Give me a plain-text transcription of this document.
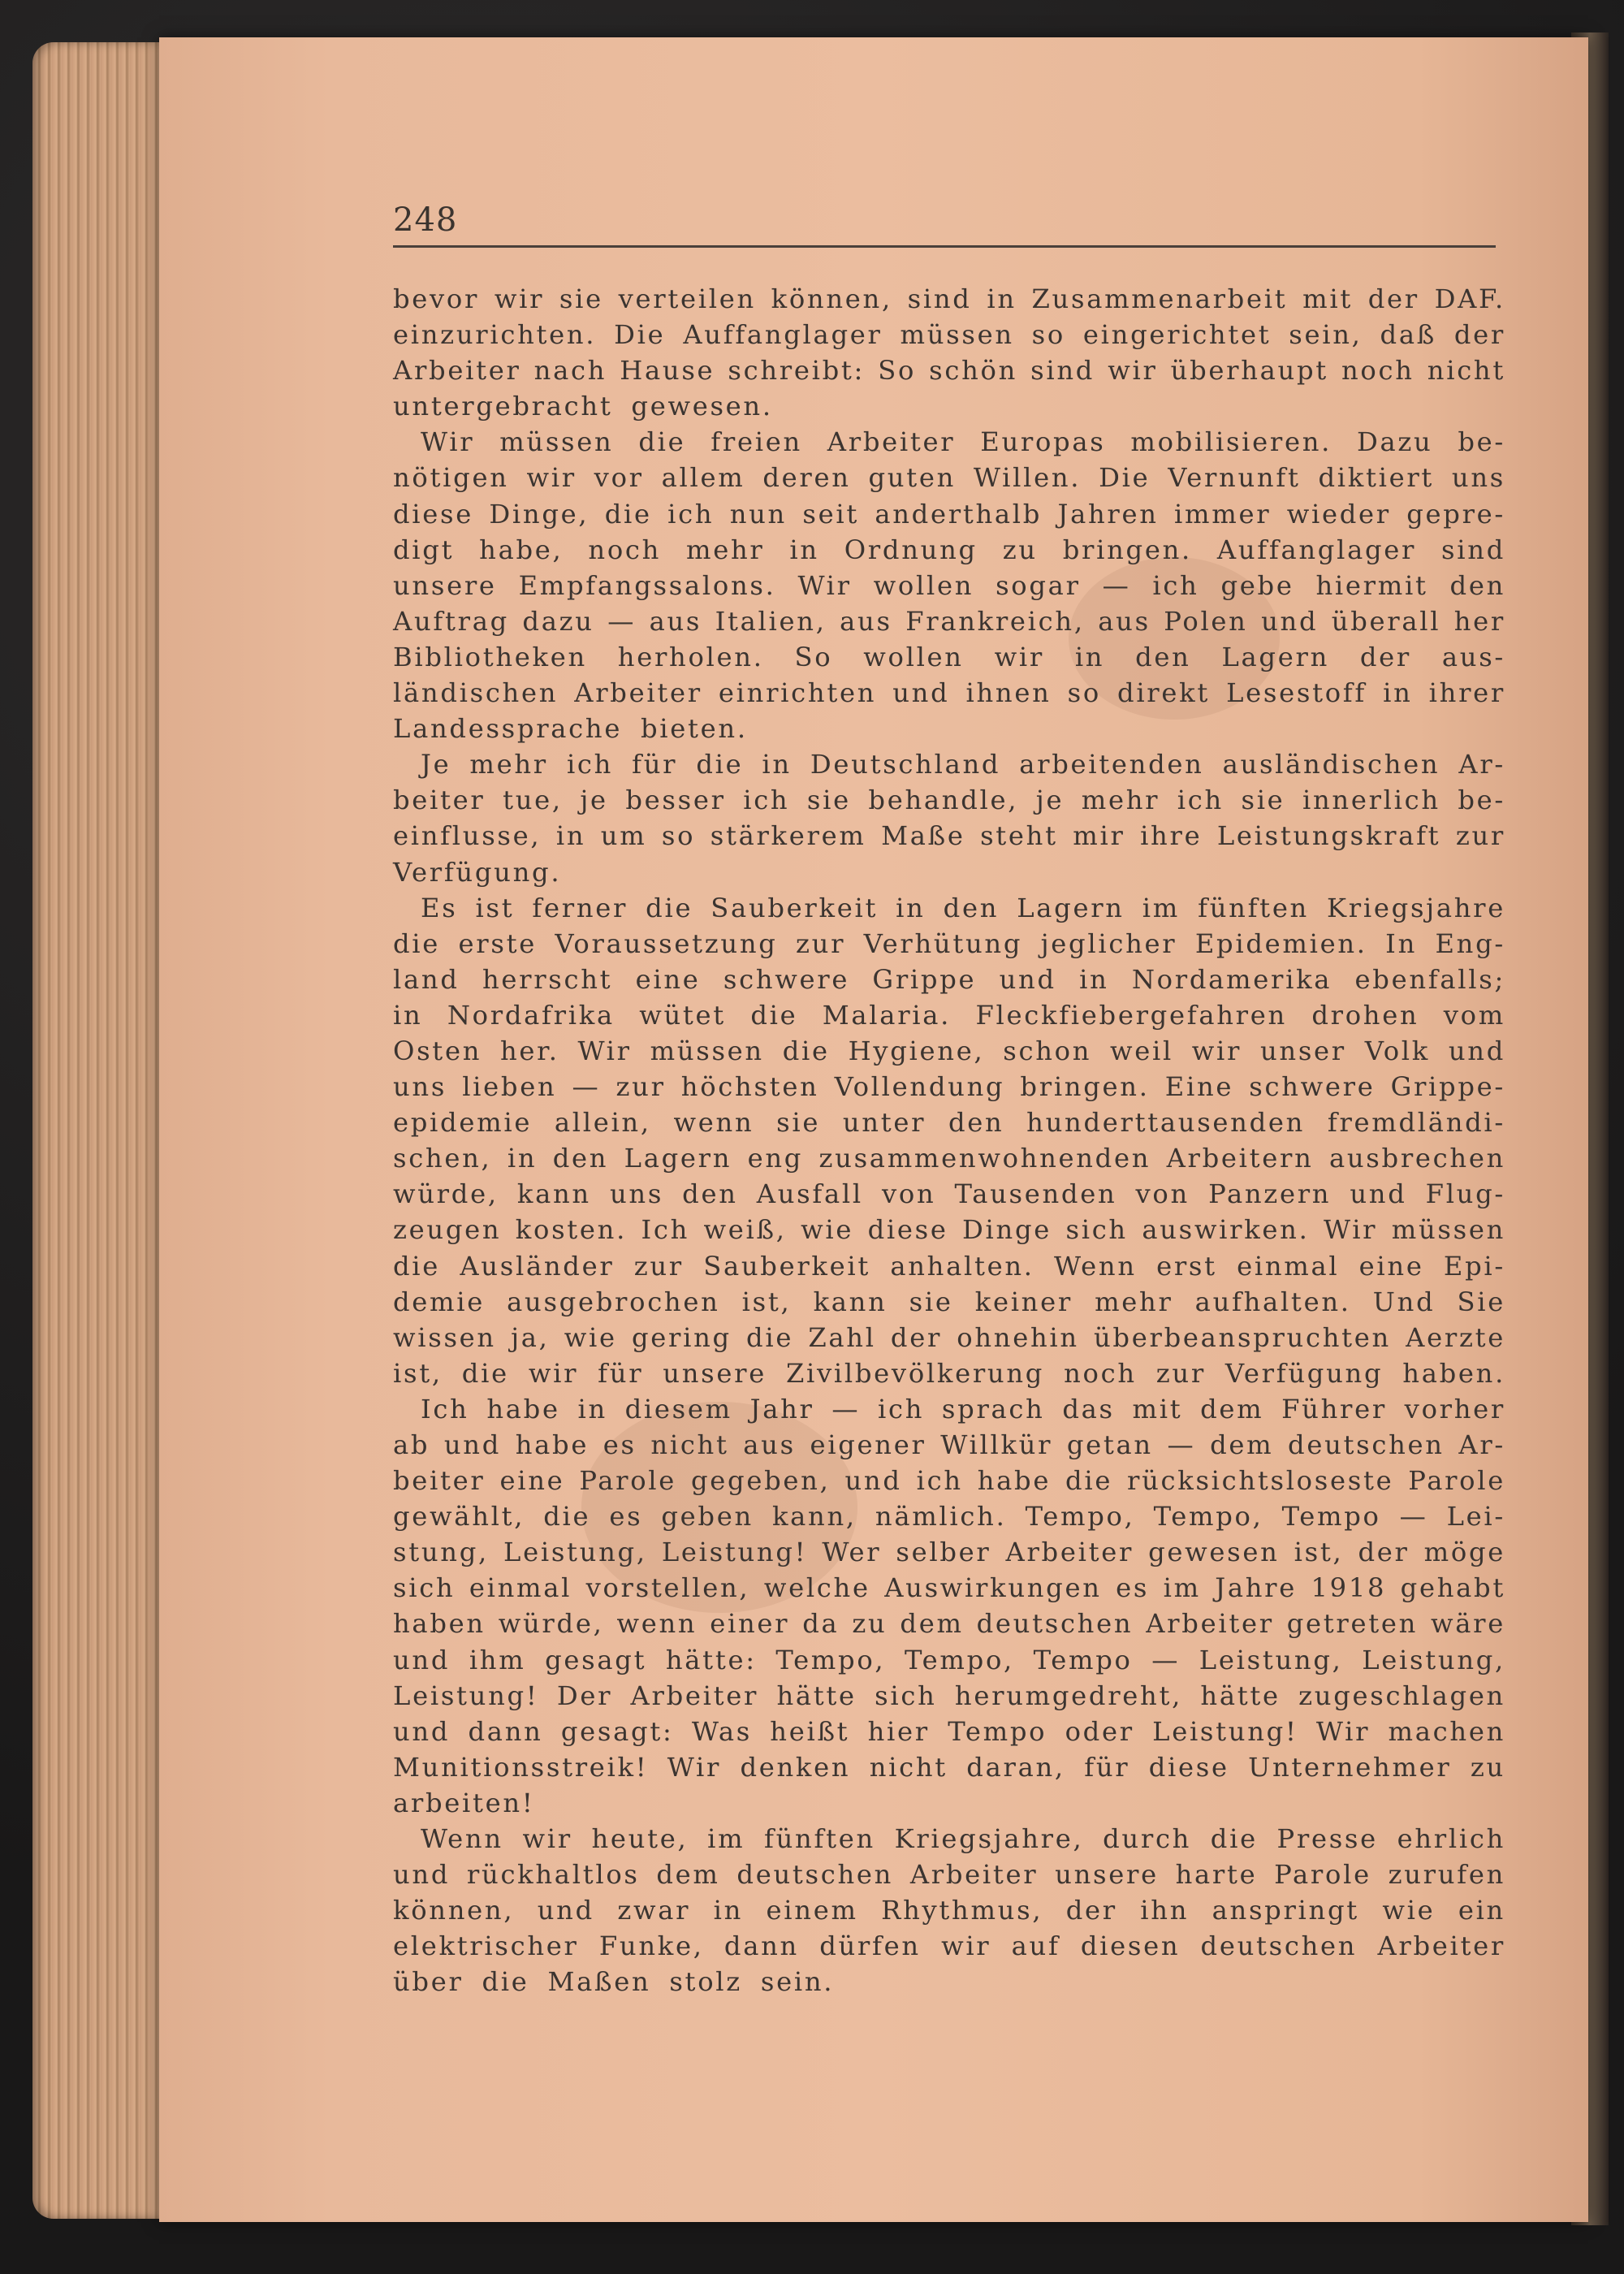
248
bevor wir sie verteilen können, sind in Zusammenarbeit mit der DAF.
einzurichten. Die Auffanglager müssen so eingerichtet sein, daß der
Arbeiter nach Hause schreibt: So schön sind wir überhaupt noch nicht
untergebracht gewesen.
Wir müssen die freien Arbeiter Europas mobilisieren. Dazu be-
nötigen wir vor allem deren guten Willen. Die Vernunft diktiert uns
diese Dinge, die ich nun seit anderthalb Jahren immer wieder gepre-
digt habe, noch mehr in Ordnung zu bringen. Auffanglager sind
unsere Empfangssalons. Wir wollen sogar — ich gebe hiermit den
Auftrag dazu — aus Italien, aus Frankreich, aus Polen und überall her
Bibliotheken herholen. So wollen wir in den Lagern der aus-
ländischen Arbeiter einrichten und ihnen so direkt Lesestoff in ihrer
Landessprache bieten.
Je mehr ich für die in Deutschland arbeitenden ausländischen Ar-
beiter tue, je besser ich sie behandle, je mehr ich sie innerlich be-
einflusse, in um so stärkerem Maße steht mir ihre Leistungskraft zur
Verfügung.
Es ist ferner die Sauberkeit in den Lagern im fünften Kriegsjahre
die erste Voraussetzung zur Verhütung jeglicher Epidemien. In Eng-
land herrscht eine schwere Grippe und in Nordamerika ebenfalls;
in Nordafrika wütet die Malaria. Fleckfiebergefahren drohen vom
Osten her. Wir müssen die Hygiene, schon weil wir unser Volk und
uns lieben — zur höchsten Vollendung bringen. Eine schwere Grippe-
epidemie allein, wenn sie unter den hunderttausenden fremdländi-
schen, in den Lagern eng zusammenwohnenden Arbeitern ausbrechen
würde, kann uns den Ausfall von Tausenden von Panzern und Flug-
zeugen kosten. Ich weiß, wie diese Dinge sich auswirken. Wir müssen
die Ausländer zur Sauberkeit anhalten. Wenn erst einmal eine Epi-
demie ausgebrochen ist, kann sie keiner mehr aufhalten. Und Sie
wissen ja, wie gering die Zahl der ohnehin überbeanspruchten Aerzte
ist, die wir für unsere Zivilbevölkerung noch zur Verfügung haben.
Ich habe in diesem Jahr — ich sprach das mit dem Führer vorher
ab und habe es nicht aus eigener Willkür getan — dem deutschen Ar-
beiter eine Parole gegeben, und ich habe die rücksichtsloseste Parole
gewählt, die es geben kann, nämlich. Tempo, Tempo, Tempo — Lei-
stung, Leistung, Leistung! Wer selber Arbeiter gewesen ist, der möge
sich einmal vorstellen, welche Auswirkungen es im Jahre 1918 gehabt
haben würde, wenn einer da zu dem deutschen Arbeiter getreten wäre
und ihm gesagt hätte: Tempo, Tempo, Tempo — Leistung, Leistung,
Leistung! Der Arbeiter hätte sich herumgedreht, hätte zugeschlagen
und dann gesagt: Was heißt hier Tempo oder Leistung! Wir machen
Munitionsstreik! Wir denken nicht daran, für diese Unternehmer zu
arbeiten!
Wenn wir heute, im fünften Kriegsjahre, durch die Presse ehrlich
und rückhaltlos dem deutschen Arbeiter unsere harte Parole zurufen
können, und zwar in einem Rhythmus, der ihn anspringt wie ein
elektrischer Funke, dann dürfen wir auf diesen deutschen Arbeiter
über die Maßen stolz sein.
